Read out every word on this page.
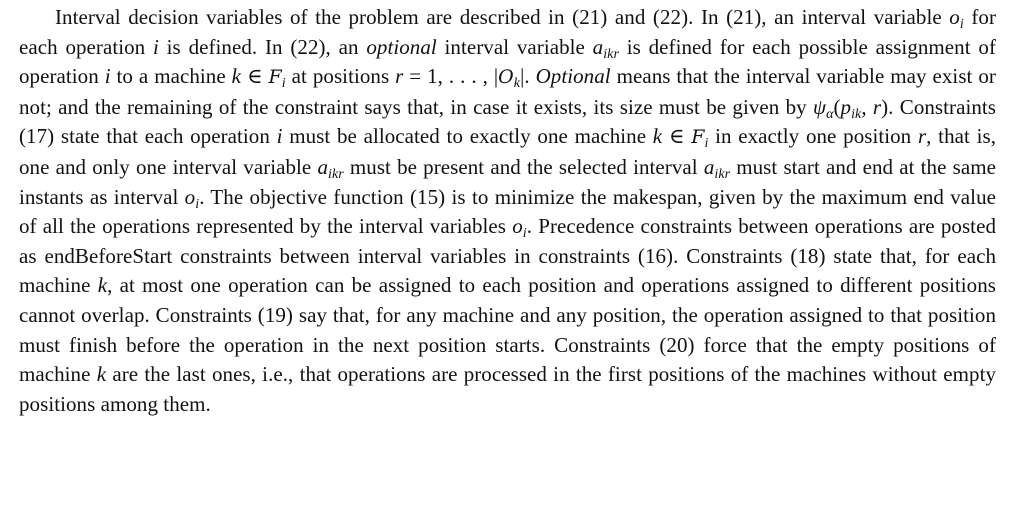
Interval decision variables of the problem are described in (21) and (22). In (21), an interval variable $o_i$ for each operation i is defined. In (22), an optional interval variable $a_{ikr}$ is defined for each possible assignment of operation i to a machine k ∈ $F_i$ at positions r = 1, . . . , $|O_k|$. Optional means that the interval variable may exist or not; and the remaining of the constraint says that, in case it exists, its size must be given by $\psi_\alpha(p_{ik}$, r). Constraints (17) state that each operation i must be allocated to exactly one machine k ∈ $F_i$ in exactly one position r, that is, one and only one interval variable $a_{ikr}$ must be present and the selected interval $a_{ikr}$ must start and end at the same instants as interval $o_i$. The objective function (15) is to minimize the makespan, given by the maximum end value of all the operations represented by the interval variables $o_i$. Precedence constraints between operations are posted as endBeforeStart constraints between interval variables in constraints (16). Constraints (18) state that, for each machine k, at most one operation can be assigned to each position and operations assigned to different positions cannot overlap. Constraints (19) say that, for any machine and any position, the operation assigned to that position must finish before the operation in the next position starts. Constraints (20) force that the empty positions of machine k are the last ones, i.e., that operations are processed in the first positions of the machines without empty positions among them.
